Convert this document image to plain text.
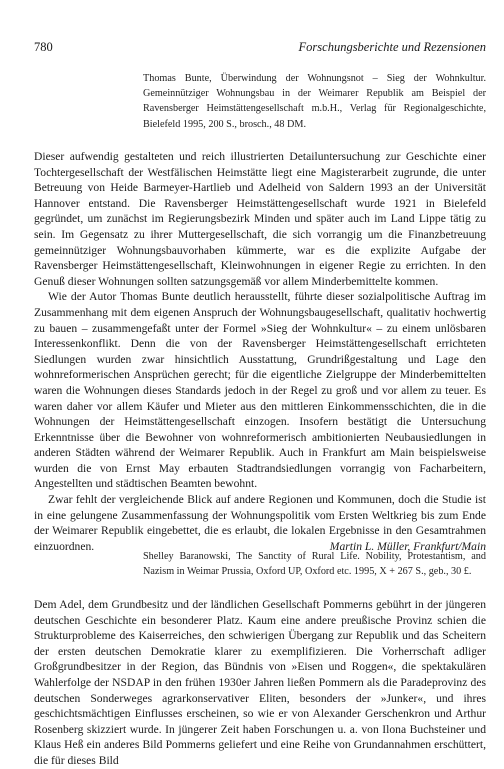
780	Forschungsberichte und Rezensionen
Thomas Bunte, Überwindung der Wohnungsnot – Sieg der Wohnkultur. Gemeinnütziger Wohnungsbau in der Weimarer Republik am Beispiel der Ravensberger Heimstättengesellschaft m.b.H., Verlag für Regionalgeschichte, Bielefeld 1995, 200 S., brosch., 48 DM.

Dieser aufwendig gestalteten und reich illustrierten Detailuntersuchung zur Geschichte einer Tochtergesellschaft der Westfälischen Heimstätte liegt eine Magisterarbeit zugrunde, die unter Betreuung von Heide Barmeyer-Hartlieb und Adelheid von Saldern 1993 an der Universität Hannover entstand. Die Ravensberger Heimstättengesellschaft wurde 1921 in Bielefeld gegründet, um zunächst im Regierungsbezirk Minden und später auch im Land Lippe tätig zu sein. Im Gegensatz zu ihrer Muttergesellschaft, die sich vorrangig um die Finanzbetreuung gemeinnütziger Wohnungsbauvorhaben kümmerte, war es die explizite Aufgabe der Ravensberger Heimstättengesellschaft, Kleinwohnungen in eigener Regie zu errichten. In den Genuß dieser Wohnungen sollten satzungsgemäß vor allem Minderbemittelte kommen.

Wie der Autor Thomas Bunte deutlich herausstellt, führte dieser sozialpolitische Auftrag im Zusammenhang mit dem eigenen Anspruch der Wohnungsbaugesellschaft, qualitativ hochwertig zu bauen – zusammengefaßt unter der Formel »Sieg der Wohnkultur« – zu einem unlösbaren Interessenkonflikt. Denn die von der Ravensberger Heimstättengesellschaft errichteten Siedlungen wurden zwar hinsichtlich Ausstattung, Grundrißgestaltung und Lage den wohnreformerischen Ansprüchen gerecht; für die eigentliche Zielgruppe der Minderbemittelten waren die Wohnungen dieses Standards jedoch in der Regel zu groß und vor allem zu teuer. Es waren daher vor allem Käufer und Mieter aus den mittleren Einkommensschichten, die in die Wohnungen der Heimstättengesellschaft einzogen. Insofern bestätigt die Untersuchung Erkenntnisse über die Bewohner von wohnreformerisch ambitionierten Neubausiedlungen in anderen Städten während der Weimarer Republik. Auch in Frankfurt am Main beispielsweise wurden die von Ernst May erbauten Stadtrandsiedlungen vorrangig von Facharbeitern, Angestellten und städtischen Beamten bewohnt.

Zwar fehlt der vergleichende Blick auf andere Regionen und Kommunen, doch die Studie ist in eine gelungene Zusammenfassung der Wohnungspolitik vom Ersten Weltkrieg bis zum Ende der Weimarer Republik eingebettet, die es erlaubt, die lokalen Ergebnisse in den Gesamtrahmen einzuordnen.	Martin L. Müller, Frankfurt/Main

Shelley Baranowski, The Sanctity of Rural Life. Nobility, Protestantism, and Nazism in Weimar Prussia, Oxford UP, Oxford etc. 1995, X + 267 S., geb., 30 £.

Dem Adel, dem Grundbesitz und der ländlichen Gesellschaft Pommerns gebührt in der jüngeren deutschen Geschichte ein besonderer Platz. Kaum eine andere preußische Provinz schien die Strukturprobleme des Kaiserreiches, den schwierigen Übergang zur Republik und das Scheitern der ersten deutschen Demokratie klarer zu exemplifizieren. Die Vorherrschaft adliger Großgrundbesitzer in der Region, das Bündnis von »Eisen und Roggen«, die spektakulären Wahlerfolge der NSDAP in den frühen 1930er Jahren ließen Pommern als die Paradeprovinz des deutschen Sonderweges agrarkonservativer Eliten, besonders der »Junker«, und ihres geschichtsmächtigen Einflusses erscheinen, so wie er von Alexander Gerschenkron und Arthur Rosenberg skizziert wurde. In jüngerer Zeit haben Forschungen u. a. von Ilona Buchsteiner und Klaus Heß ein anderes Bild Pommerns geliefert und eine Reihe von Grundannahmen erschüttert, die für dieses Bild
